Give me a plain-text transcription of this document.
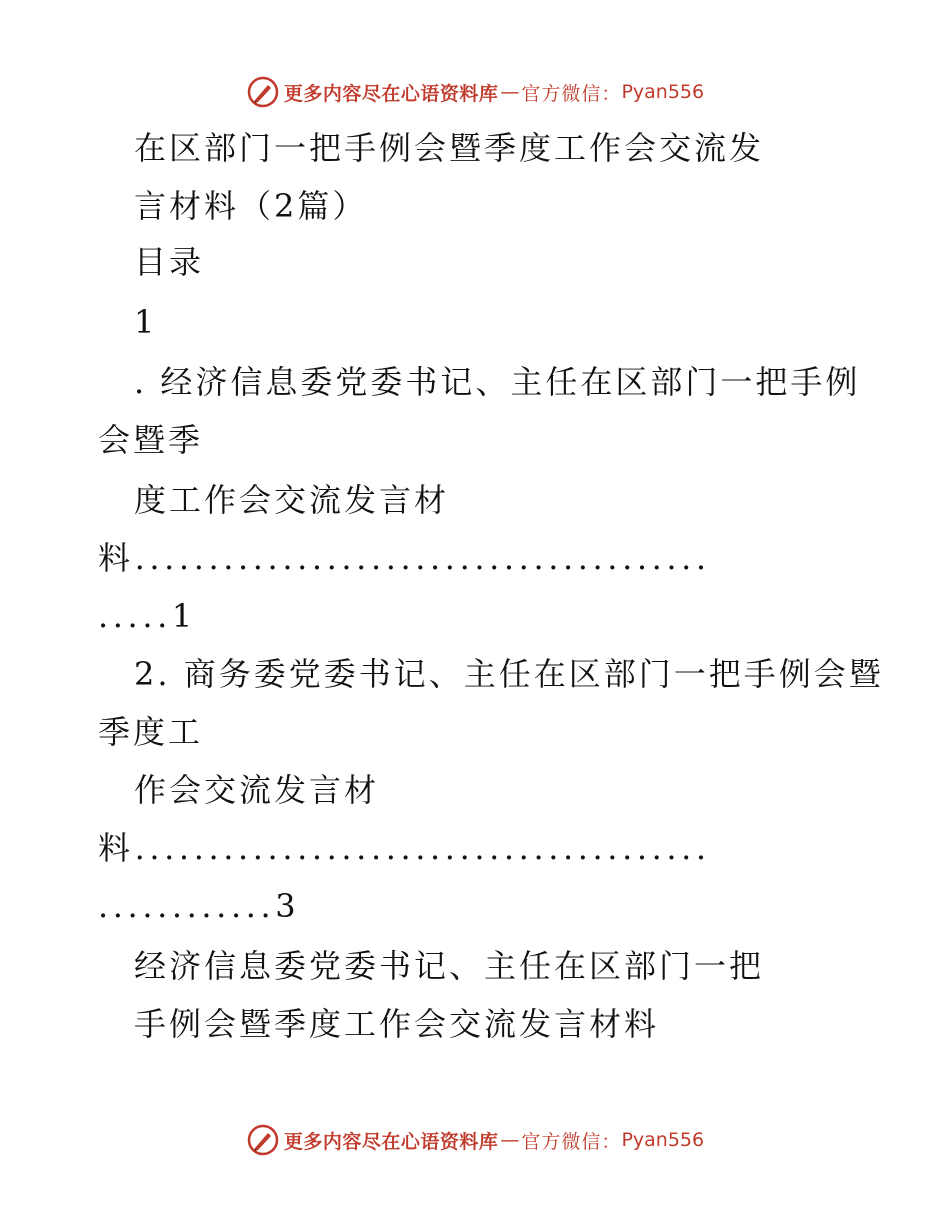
更多内容尽在心语资料库 — 官方微信： Pyan556
在区部门一把手例会暨季度工作会交流发
言材料（2篇）
目录
1
. 经济信息委党委书记、主任在区部门一把手例
会暨季
度工作会交流发言材
料.......................................
.....1
2. 商务委党委书记、主任在区部门一把手例会暨
季度工
作会交流发言材
料.......................................
............3
经济信息委党委书记、主任在区部门一把
手例会暨季度工作会交流发言材料
更多内容尽在心语资料库 — 官方微信： Pyan556
